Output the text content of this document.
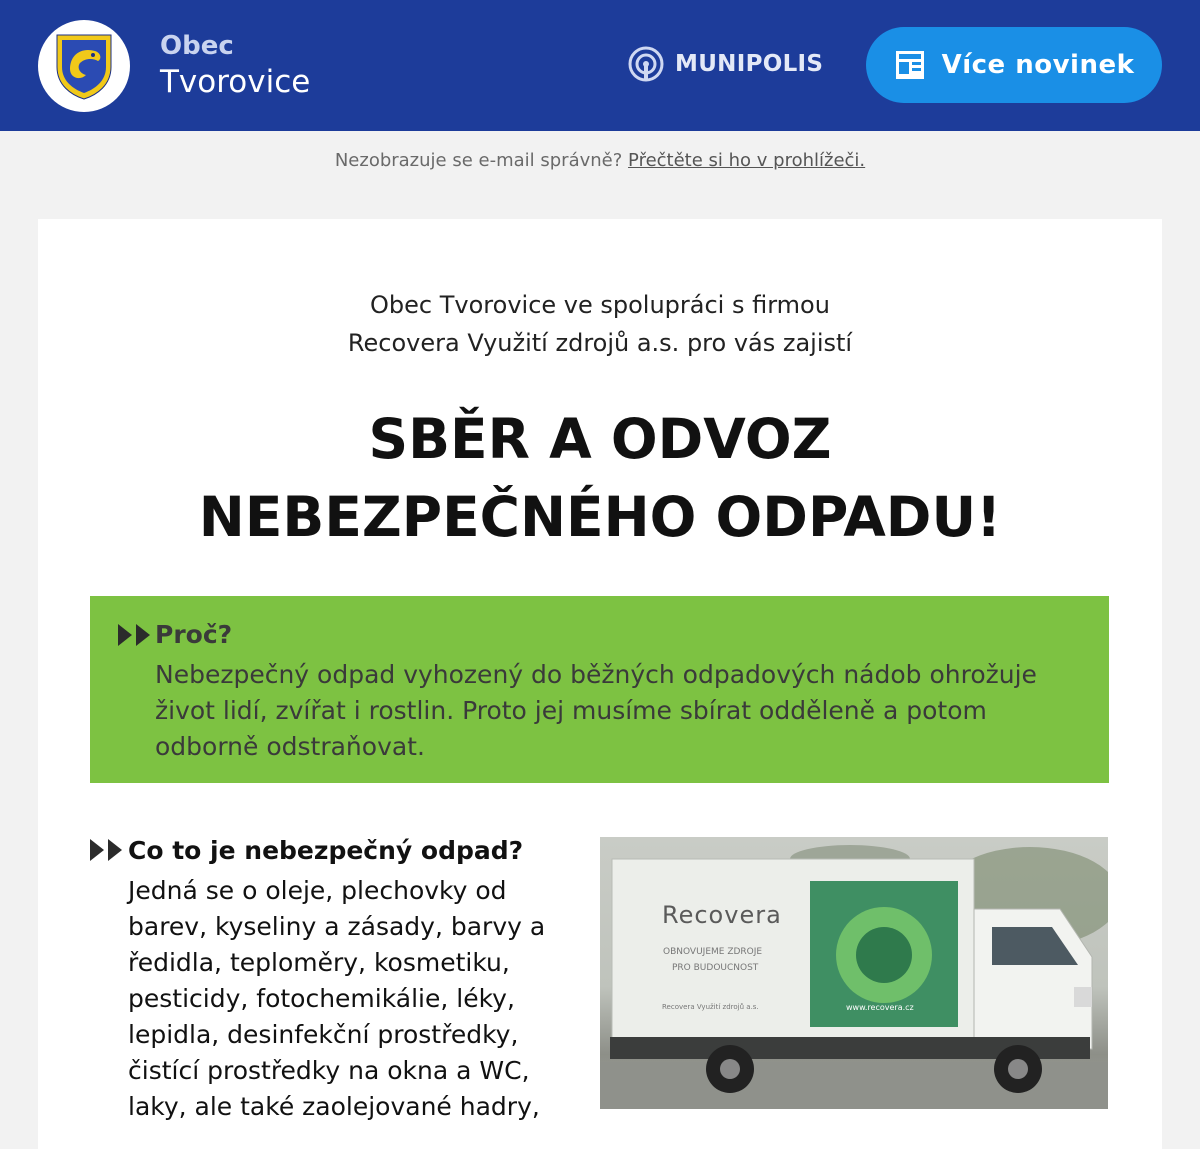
Obec
Tvorovice	MUNIPOLIS	Více novinek
Nezobrazuje se e-mail správně? Přečtěte si ho v prohlížeči.
Obec Tvorovice ve spolupráci s firmou
Recovera Využití zdrojů a.s. pro vás zajistí
SBĚR A ODVOZ
NEBEZPEČNÉHO ODPADU!
Proč?
Nebezpečný odpad vyhozený do běžných odpadových nádob ohrožuje život lidí, zvířat i rostlin. Proto jej musíme sbírat odděleně a potom odborně odstraňovat.
Co to je nebezpečný odpad?
Jedná se o oleje, plechovky od barev, kyseliny a zásady, barvy a ředidla, teploměry, kosmetiku, pesticidy, fotochemikálie, léky, lepidla, desinfekční prostředky, čistící prostředky na okna a WC, laky, ale také zaolejované hadry,
Recovera
OBNOVUJEME ZDROJE
PRO BUDOUCNOST
Recovera Využití zdrojů a.s.	www.recovera.cz
